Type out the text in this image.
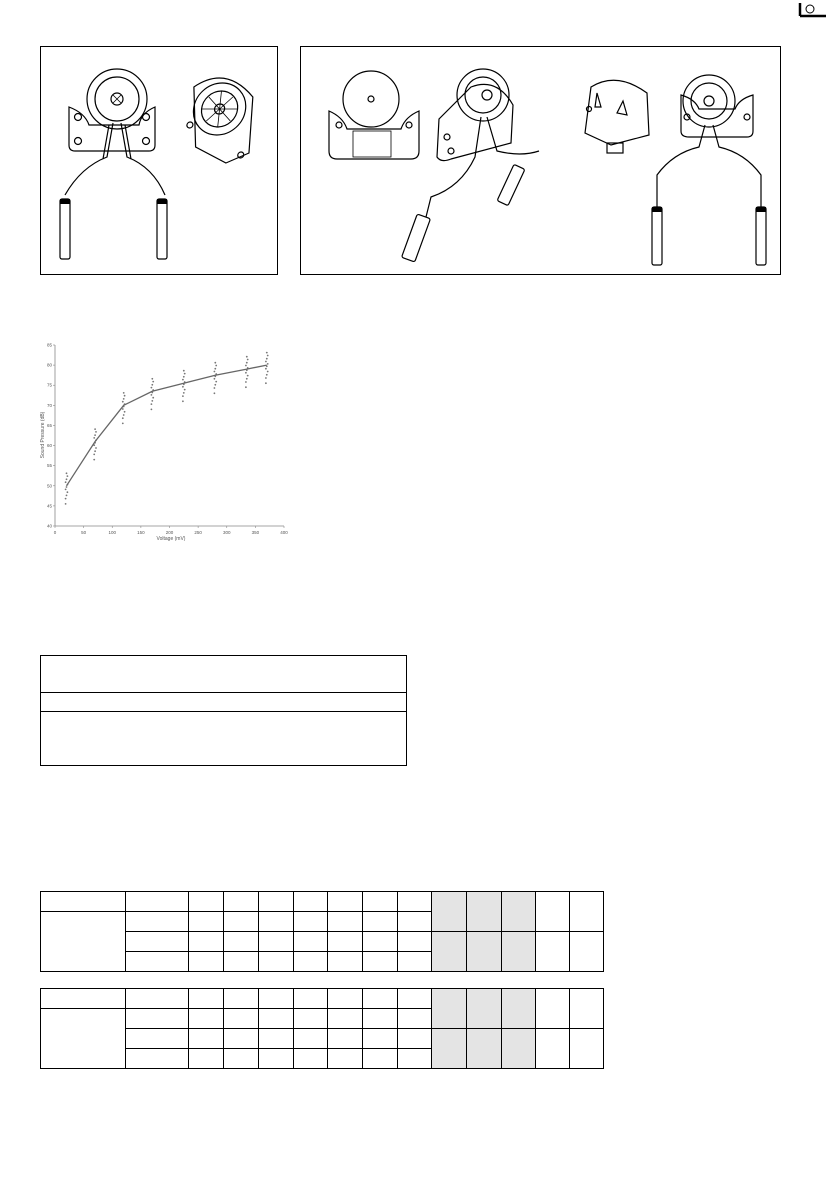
0	50	100	150	200	250	300	350	400
40
45
50
55
60
65
70
75
80
85
Voltage (mV)
Sound Pressure (dB)
